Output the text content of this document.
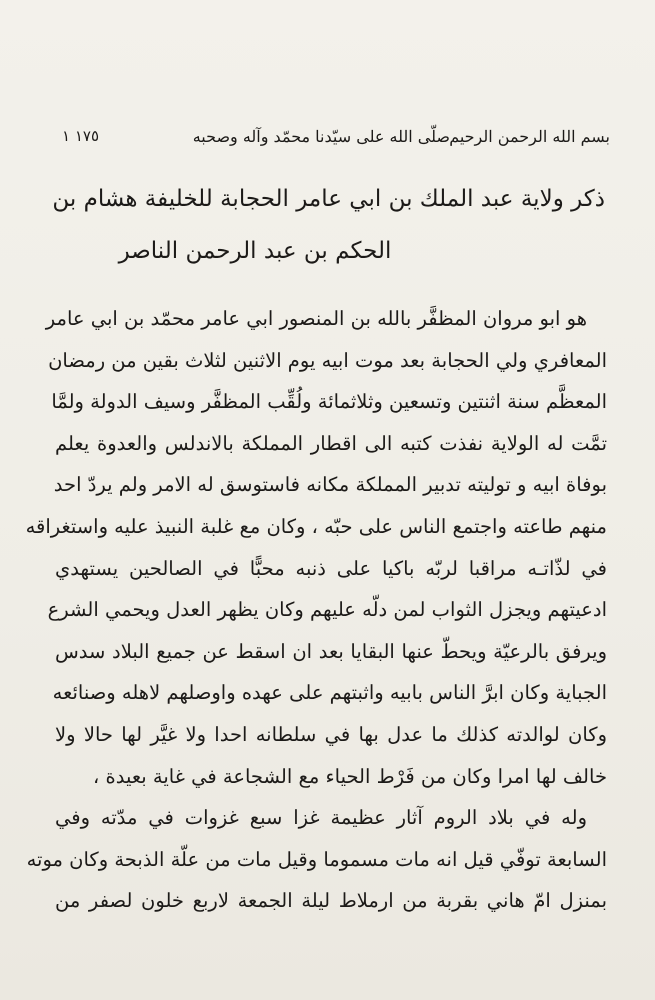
بسم الله الرحمن الرحيم
صلّى الله على سيّدنا محمّد وآله وصحبه
١٧٥ ١
ذكر ولاية عبد الملك بن ابي عامر الحجابة للخليفة هشام بن
الحكم بن عبد الرحمن الناصر
هو ابو مروان المظفَّر بالله بن المنصور ابي عامر محمّد بن ابي عامر
المعافري ولي الحجابة بعد موت ابيه يوم الاثنين لثلاث بقين من رمضان
المعظَّم سنة اثنتين وتسعين وثلاثمائة ولُقِّب المظفَّر وسيف الدولة ولمَّا
تمَّت له الولاية نفذت كتبه الى اقطار المملكة بالاندلس والعدوة يعلم
بوفاة ابيه و توليته تدبير المملكة مكانه فاستوسق له الامر ولم يردّ احد
منهم طاعته واجتمع الناس على حبّه ، وكان مع غلبة النبيذ عليه واستغراقه
في لذّاتـه مراقبا لربّه باكيا على ذنبه محبًّا في الصالحين يستهدي
ادعيتهم ويجزل الثواب لمن دلّه عليهم وكان يظهر العدل ويحمي الشرع
ويرفق بالرعيّة ويحطّ عنها البقايا بعد ان اسقط عن جميع البلاد سدس
الجباية وكان ابرَّ الناس بابيه واثبتهم على عهده واوصلهم لاهله وصنائعه
وكان لوالدته كذلك ما عدل بها في سلطانه احدا ولا غيَّر لها حالا ولا
خالف لها امرا وكان من فَرْط الحياء مع الشجاعة في غاية بعيدة ،
وله في بلاد الروم آثار عظيمة غزا سبع غزوات في مدّته وفي
السابعة توفّي قيل انه مات مسموما وقيل مات من علّة الذبحة وكان موته
بمنزل امّ هاني بقربة من ارملاط ليلة الجمعة لاربع خلون لصفر من
